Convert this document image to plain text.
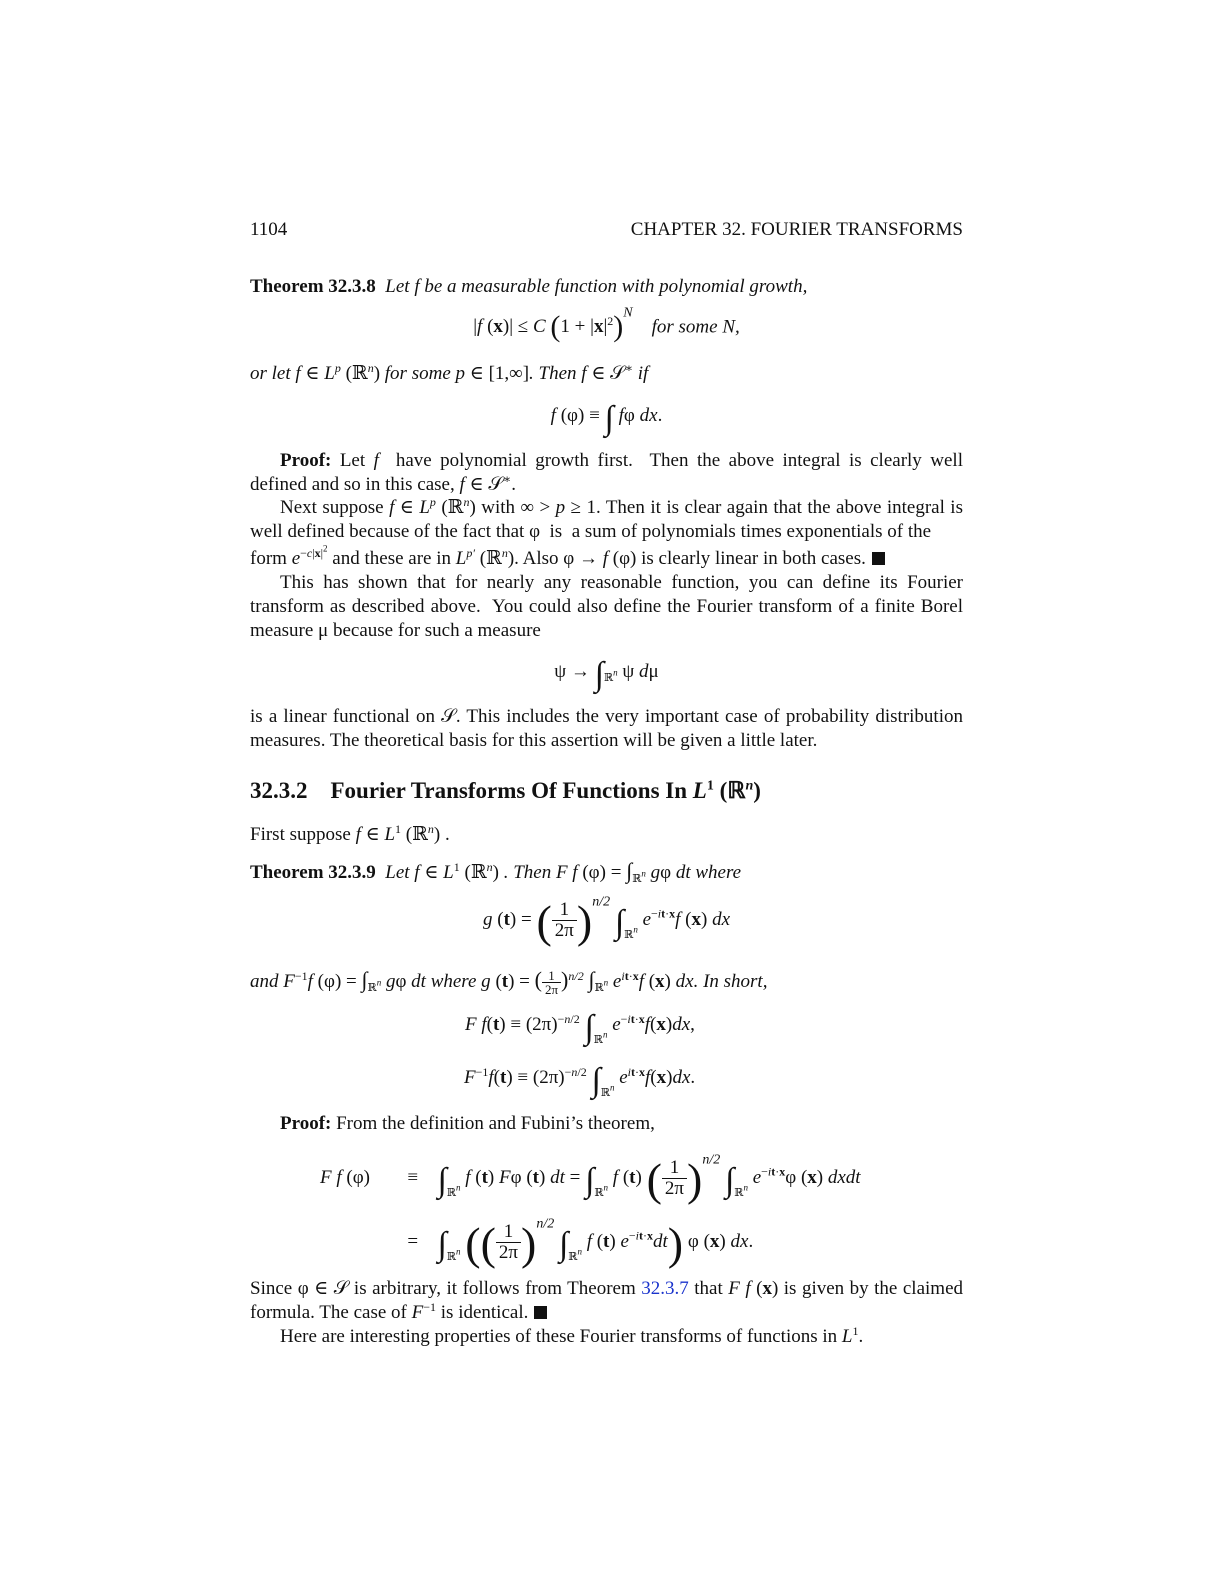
1104	CHAPTER 32. FOURIER TRANSFORMS
Theorem 32.3.8 Let f be a measurable function with polynomial growth,
|f (x)| ≤ C $(1 + |x|^2)^N$    for some N,
or let f ∈ $L^p$ (ℝ$^n$) for some p ∈ [1,∞]. Then f ∈ 𝒮∗ if
f (φ) ≡ ∫ fφ dx.
Proof: Let f  have polynomial growth first.  Then the above integral is clearly well defined and so in this case, f ∈ 𝒮∗.
Next suppose f ∈ $L^p$ (ℝ$^n$) with ∞ > p ≥ 1. Then it is clear again that the above integral is well defined because of the fact that φ  is  a sum of polynomials times exponentials of the
form $e^{-c|x|^2}$ and these are in $L^{p'}$ (ℝ$^n$). Also φ → f (φ) is clearly linear in both cases.
This has shown that for nearly any reasonable function, you can define its Fourier transform as described above.  You could also define the Fourier transform of a finite Borel measure μ because for such a measure
$\psi \to \int_{ℝ^n}$ ψ dμ
is a linear functional on 𝒮. This includes the very important case of probability distribution measures. The theoretical basis for this assertion will be given a little later.
32.3.2 Fourier Transforms Of Functions In $L^1$ (ℝ$^n$)
First suppose f ∈ $L^1$ (ℝ$^n$) .
Theorem 32.3.9 Let f ∈ $L^1$ (ℝ$^n$) . Then F f $(\varphi) = \int_{ℝ^n}$ gφ dt where
g (t) = ( $\frac{1}{2\pi} )^{n/2}$ $\int_{ℝ^n}$ $e^{-it\cdot x}f$ (x) dx
and $F^{-1}f$ $(\varphi) = \int_{ℝ^n}$ gφ dt where g (t) = ( $\frac{1}{2\pi} )^{n/2}$ $\int_{ℝ^n}$ $e^{it\cdot x}f$ (x) dx. In short,
F $f(t) \equiv (2\pi)^{-n/2}$ $\int_{ℝ^n}$ $e^{-it\cdot x}f(x)dx$,
$F^{-1}f(t) \equiv (2\pi)^{-n/2}$ $\int_{ℝ^n}$ $e^{it\cdot x}f(x)dx$.
Proof: From the definition and Fubini’s theorem,
F f $(\varphi) \equiv \int_{ℝ^n}$ f (t) Fφ (t) dt = $\int_{ℝ^n}$ f (t) ( $\frac{1}{2\pi} )^{n/2}$ $\int_{ℝ^n}$ $e^{-it\cdot x}\varphi$ (x) dxdt
= $\int_{ℝ^n}$ (( $\frac{1}{2\pi} )^{n/2}$ $\int_{ℝ^n}$ f (t) $e^{-it\cdot x}dt$) φ (x) dx.
Since φ ∈ 𝒮 is arbitrary, it follows from Theorem 32.3.7 that F f (x) is given by the claimed formula. The case of $F^{-1}$ is identical.
Here are interesting properties of these Fourier transforms of functions in $L^1$.
